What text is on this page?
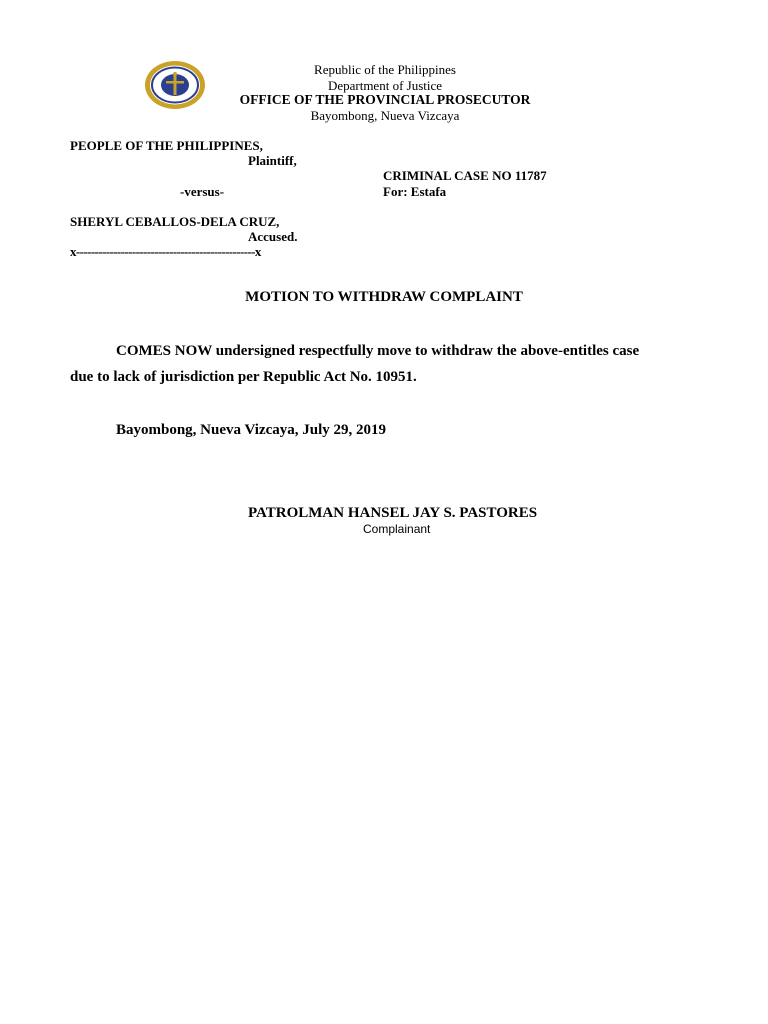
Republic of the Philippines
Department of Justice
OFFICE OF THE PROVINCIAL PROSECUTOR
Bayombong, Nueva Vizcaya
PEOPLE OF THE PHILIPPINES,
Plaintiff,
CRIMINAL CASE NO 11787
-versus-	For: Estafa
SHERYL CEBALLOS-DELA CRUZ,
Accused.
x------------------------------------------------x
MOTION TO WITHDRAW COMPLAINT
COMES NOW undersigned respectfully move to withdraw the above-entitles case
due to lack of jurisdiction per Republic Act No. 10951.
Bayombong, Nueva Vizcaya, July 29, 2019
PATROLMAN HANSEL JAY S. PASTORES
Complainant
